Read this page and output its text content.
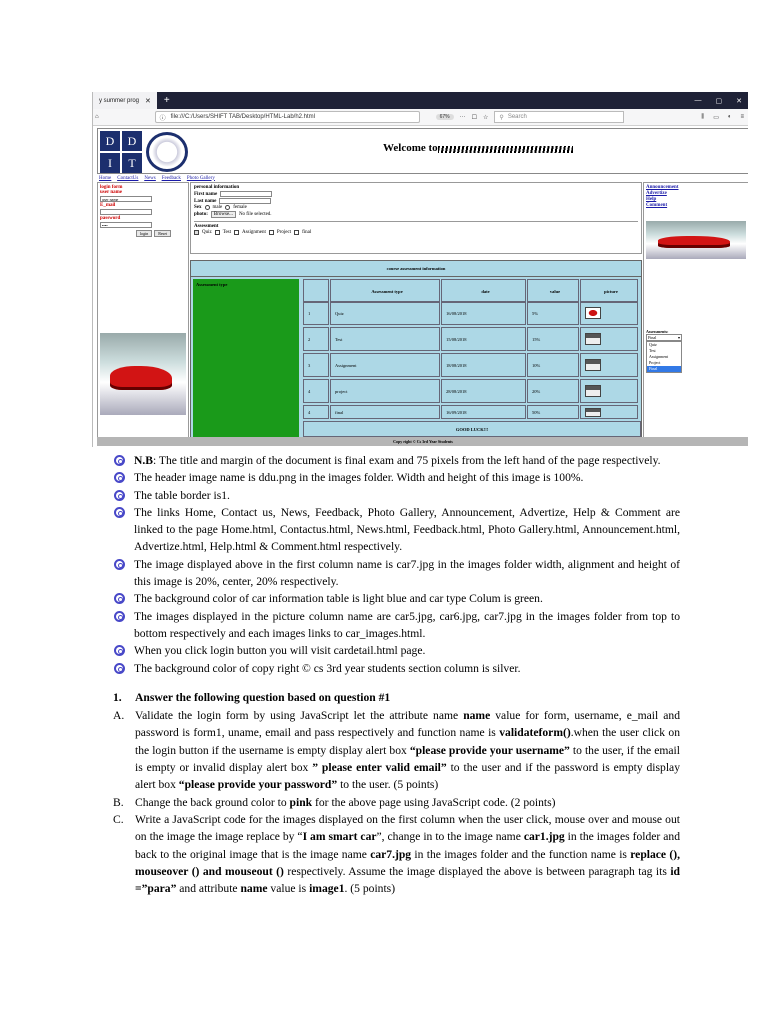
y summer prog ✕	+	— ▢ ✕
⌂	ⓘ file:///C:/Users/SHIFT TAB/Desktop/HTML-Lab/h2.html	67%	··· ☐ ☆ ⚲ Search	⫼ ▭ ◐ ≡
D	D
I	T
Welcome to
Home ContactUs News Feedback Photo Gallery
login form
user name
user name
E_mail
password
••••
login	Reset
personal information
First name
Last name
Sex male female
photo:	Browse...	No file selected.
Assessment
Quiz Test Assignment Project final
course assessment information
Assessment type
Assessment type	date	value	picture
1	Quiz	16/08/2018	5%
2	Test	15/08/2018	15%
3	Assignment	18/08/2018	10%
4	project	28/08/2018	20%
4	final	16/09/2018	50%
GOOD LUCK!!!
Announcement
Advertize
Help
Comment
Assessments:
Final	▾
Quiz
Test
Assignment
Project
Final
Copy right © Cs 3rd Year Students
N.B: The title and margin of the document is final exam and 75 pixels from the left hand of the page respectively.
The header image name is ddu.png in the images folder. Width and height of this image is 100%.
The table border is1.
The links Home, Contact us, News, Feedback, Photo Gallery, Announcement, Advertize, Help & Comment are linked to the page Home.html, Contactus.html, News.html, Feedback.html, Photo Gallery.html, Announcement.html, Advertize.html, Help.html & Comment.html respectively.
The image displayed above in the first column name is car7.jpg in the images folder width, alignment and height of this image is 20%, center, 20% respectively.
The background color of car information table is light blue and car type Colum is green.
The images displayed in the picture column name are car5.jpg, car6.jpg, car7.jpg in the images folder from top to bottom respectively and each images links to car_images.html.
When you click login button you will visit cardetail.html page.
The background color of copy right © cs 3rd year students section column is silver.
1. Answer the following question based on question #1
A. Validate the login form by using JavaScript let the attribute name name value for form, username, e_mail and password is form1, uname, email and pass respectively and function name is validateform().when the user click on the login button if the username is empty display alert box “please provide your username” to the user, if the email is empty or invalid display alert box ” please enter valid email” to the user and if the password is empty display alert box “please provide your password” to the user. (5 points)
B. Change the back ground color to pink for the above page using JavaScript code. (2 points)
C. Write a JavaScript code for the images displayed on the first column when the user click, mouse over and mouse out on the image the image replace by “I am smart car”, change in to the image name car1.jpg in the images folder and back to the original image that is the image name car7.jpg in the images folder and the function name is replace (), mouseover () and mouseout () respectively. Assume the image displayed the above is between paragraph tag its id =”para” and attribute name value is image1. (5 points)
